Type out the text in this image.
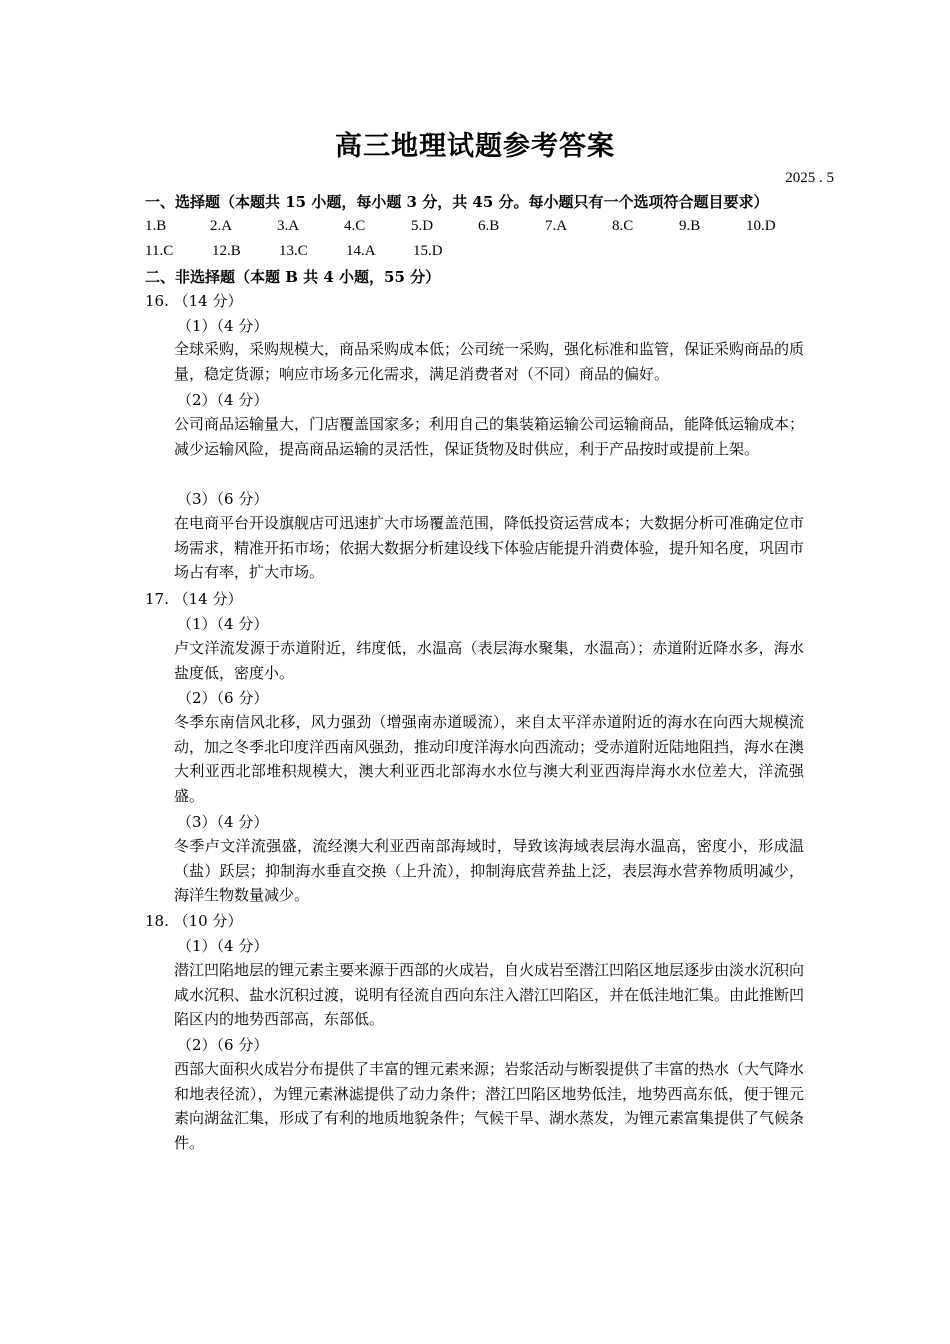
高三地理试题参考答案
2025 . 5
一、选择题（本题共 15 小题，每小题 3 分，共 45 分。每小题只有一个选项符合题目要求）
1.B	2.A	3.A	4.C	5.D	6.B	7.A	8.C	9.B	10.D
11.C	12.B	13.C	14.A 15.D
二、非选择题（本题 B 共 4 小题，55 分）
16. （14 分）
（1）（4 分）
全球采购，采购规模大，商品采购成本低；公司统一采购，强化标准和监管，保证采购商品的质量，稳定货源；响应市场多元化需求，满足消费者对（不同）商品的偏好。
（2）（4 分）
公司商品运输量大，门店覆盖国家多；利用自己的集装箱运输公司运输商品，能降低运输成本；减少运输风险，提高商品运输的灵活性，保证货物及时供应，利于产品按时或提前上架。
（3）（6 分）
在电商平台开设旗舰店可迅速扩大市场覆盖范围，降低投资运营成本；大数据分析可准确定位市场需求，精准开拓市场；依据大数据分析建设线下体验店能提升消费体验，提升知名度，巩固市场占有率，扩大市场。
17. （14 分）
（1）（4 分）
卢文洋流发源于赤道附近，纬度低，水温高（表层海水聚集，水温高）；赤道附近降水多，海水盐度低，密度小。
（2）（6 分）
冬季东南信风北移，风力强劲（增强南赤道暖流），来自太平洋赤道附近的海水在向西大规模流动，加之冬季北印度洋西南风强劲，推动印度洋海水向西流动；受赤道附近陆地阻挡，海水在澳大利亚西北部堆积规模大，澳大利亚西北部海水水位与澳大利亚西海岸海水水位差大，洋流强盛。
（3）（4 分）
冬季卢文洋流强盛，流经澳大利亚西南部海域时，导致该海域表层海水温高，密度小，形成温（盐）跃层；抑制海水垂直交换（上升流），抑制海底营养盐上泛，表层海水营养物质明减少，海洋生物数量减少。
18. （10 分）
（1）（4 分）
潜江凹陷地层的锂元素主要来源于西部的火成岩，自火成岩至潜江凹陷区地层逐步由淡水沉积向咸水沉积、盐水沉积过渡，说明有径流自西向东注入潜江凹陷区，并在低洼地汇集。由此推断凹陷区内的地势西部高，东部低。
（2）（6 分）
西部大面积火成岩分布提供了丰富的锂元素来源；岩浆活动与断裂提供了丰富的热水（大气降水和地表径流），为锂元素淋滤提供了动力条件；潜江凹陷区地势低洼，地势西高东低，便于锂元素向湖盆汇集，形成了有利的地质地貌条件；气候干旱、湖水蒸发，为锂元素富集提供了气候条件。
